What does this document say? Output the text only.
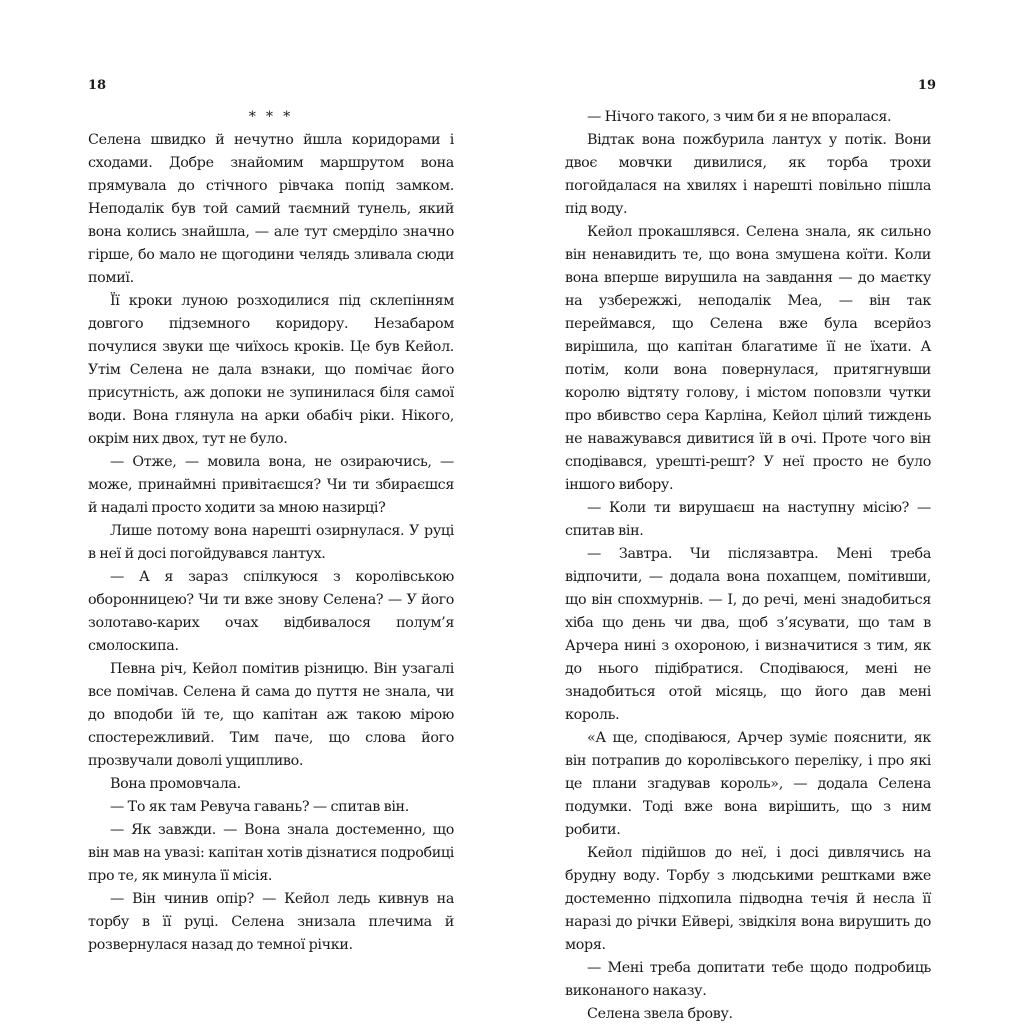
18

* * *

Селена швидко й нечутно йшла коридорами і сходами. Добре знайомим маршрутом вона прямувала до стічного рівчака попід замком. Неподалік був той самий таємний тунель, який вона колись знайшла, — але тут смерділо значно гірше, бо мало не щогодини челядь зливала сюди помиї.

Її кроки луною розходилися під склепінням довгого підземного коридору. Незабаром почулися звуки ще чиїхось кроків. Це був Кейол. Утім Селена не дала взнаки, що помічає його присутність, аж допоки не зупинилася біля самої води. Вона глянула на арки обабіч ріки. Нікого, окрім них двох, тут не було.

— Отже, — мовила вона, не озираючись, — може, принаймні привітаєшся? Чи ти збираєшся й надалі просто ходити за мною назирці?

Лише потому вона нарешті озирнулася. У руці в неї й досі погойдувався лантух.

— А я зараз спілкуюся з королівською оборонницею? Чи ти вже знову Селена? — У його золотаво-карих очах відбивалося полум’я смолоскипа.

Певна річ, Кейол помітив різницю. Він узагалі все помічав. Селена й сама до пуття не знала, чи до вподоби їй те, що капітан аж такою мірою спостережливий. Тим паче, що слова його прозвучали доволі ущипливо.

Вона промовчала.

— То як там Ревуча гавань? — спитав він.

— Як завжди. — Вона знала достеменно, що він мав на увазі: капітан хотів дізнатися подробиці про те, як минула її місія.

— Він чинив опір? — Кейол ледь кивнув на торбу в її руці. Селена знизала плечима й розвернулася назад до темної річки.

19

— Нічого такого, з чим би я не впоралася.

Відтак вона пожбурила лантух у потік. Вони двоє мовчки дивилися, як торба трохи погойдалася на хвилях і нарешті повільно пішла під воду.

Кейол прокашлявся. Селена знала, як сильно він ненавидить те, що вона змушена коїти. Коли вона вперше вирушила на завдання — до маєтку на узбережжі, неподалік Меа, — він так переймався, що Селена вже була всерйоз вирішила, що капітан благатиме її не їхати. А потім, коли вона повернулася, притягнувши королю відтяту голову, і містом поповзли чутки про вбивство сера Карліна, Кейол цілий тиждень не наважувався дивитися їй в очі. Проте чого він сподівався, урешті-решт? У неї просто не було іншого вибору.

— Коли ти вирушаєш на наступну місію? — спитав він.

— Завтра. Чи післязавтра. Мені треба відпочити, — додала вона похапцем, помітивши, що він спохмурнів. — І, до речі, мені знадобиться хіба що день чи два, щоб з’ясувати, що там в Арчера нині з охороною, і визначитися з тим, як до нього підібратися. Сподіваюся, мені не знадобиться отой місяць, що його дав мені король.

«А ще, сподіваюся, Арчер зуміє пояснити, як він потрапив до королівського переліку, і про які це плани згадував король», — додала Селена подумки. Тоді вже вона вирішить, що з ним робити.

Кейол підійшов до неї, і досі дивлячись на брудну воду. Торбу з людськими рештками вже достеменно підхопила підводна течія й несла її наразі до річки Ейвері, звідкіля вона вирушить до моря.

— Мені треба допитати тебе щодо подробиць виконаного наказу.

Селена звела брову.
